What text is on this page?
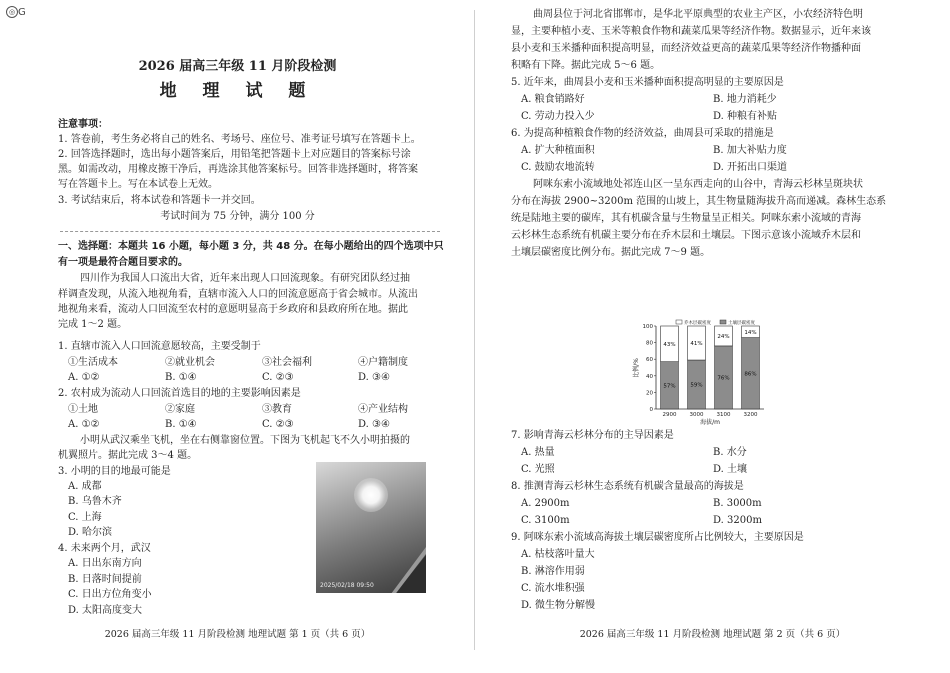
◎ G
2026 届高三年级 11 月阶段检测
地 理 试 题
注意事项：
1. 答卷前，考生务必将自己的姓名、考场号、座位号、准考证号填写在答题卡上。
2. 回答选择题时，选出每小题答案后，用铅笔把答题卡上对应题目的答案标号涂
黑。如需改动，用橡皮擦干净后，再选涂其他答案标号。回答非选择题时，将答案
写在答题卡上。写在本试卷上无效。
3. 考试结束后，将本试卷和答题卡一并交回。
考试时间为 75 分钟，满分 100 分
一、选择题：本题共 16 小题，每小题 3 分，共 48 分。在每小题给出的四个选项中只
有一项是最符合题目要求的。
四川作为我国人口流出大省，近年来出现人口回流现象。有研究团队经过抽
样调查发现，从流入地视角看，直辖市流入人口的回流意愿高于省会城市。从流出
地视角来看，流动人口回流至农村的意愿明显高于乡政府和县政府所在地。据此
完成 1～2 题。
1. 直辖市流入人口回流意愿较高，主要受制于
①生活成本	②就业机会	③社会福利	④户籍制度
A. ①②	B. ①④	C. ②③	D. ③④
2. 农村成为流动人口回流首选目的地的主要影响因素是
①土地	②家庭	③教育	④产业结构
A. ①②	B. ①④	C. ②③	D. ③④
小明从武汉乘坐飞机，坐在右侧靠窗位置。下图为飞机起飞不久小明拍摄的
机翼照片。据此完成 3～4 题。
3. 小明的目的地最可能是
A. 成都
B. 乌鲁木齐
C. 上海
D. 哈尔滨
4. 未来两个月，武汉
A. 日出东南方向
B. 日落时间提前
C. 日出方位角变小
D. 太阳高度变大
2025/02/18 09:50
2026 届高三年级 11 月阶段检测 地理试题 第 1 页（共 6 页）
曲周县位于河北省邯郸市，是华北平原典型的农业主产区，小农经济特色明
显，主要种植小麦、玉米等粮食作物和蔬菜瓜果等经济作物。数据显示，近年来该
县小麦和玉米播种面积提高明显，而经济效益更高的蔬菜瓜果等经济作物播种面
积略有下降。据此完成 5～6 题。
5. 近年来，曲周县小麦和玉米播种面积提高明显的主要原因是
A. 粮食销路好	B. 地力消耗少
C. 劳动力投入少	D. 种粮有补贴
6. 为提高种植粮食作物的经济效益，曲周县可采取的措施是
A. 扩大种植面积	B. 加大补贴力度
C. 鼓励农地流转	D. 开拓出口渠道
阿咪东索小流域地处祁连山区一呈东西走向的山谷中，青海云杉林呈斑块状
分布在海拔 2900~3200m 范围的山坡上，其生物量随海拔升高而递减。森林生态系
统是陆地主要的碳库，其有机碳含量与生物量呈正相关。阿咪东索小流域的青海
云杉林生态系统有机碳主要分布在乔木层和土壤层。下图示意该小流域乔木层和
土壤层碳密度比例分布。据此完成 7～9 题。
7. 影响青海云杉林分布的主导因素是
A. 热量	B. 水分
C. 光照	D. 土壤
8. 推测青海云杉林生态系统有机碳含量最高的海拔是
A. 2900m	B. 3000m
C. 3100m	D. 3200m
9. 阿咪东索小流域高海拔土壤层碳密度所占比例较大，主要原因是
A. 枯枝落叶量大
B. 淋溶作用弱
C. 流水堆积强
D. 微生物分解慢
2026 届高三年级 11 月阶段检测 地理试题 第 2 页（共 6 页）
0
20
40
60
80
100
比例/%
57%
43%
2900
59%
41%
3000
76%
24%
3100
86%
14%
3200
海拔/m
乔木层碳密度	土壤层碳密度
